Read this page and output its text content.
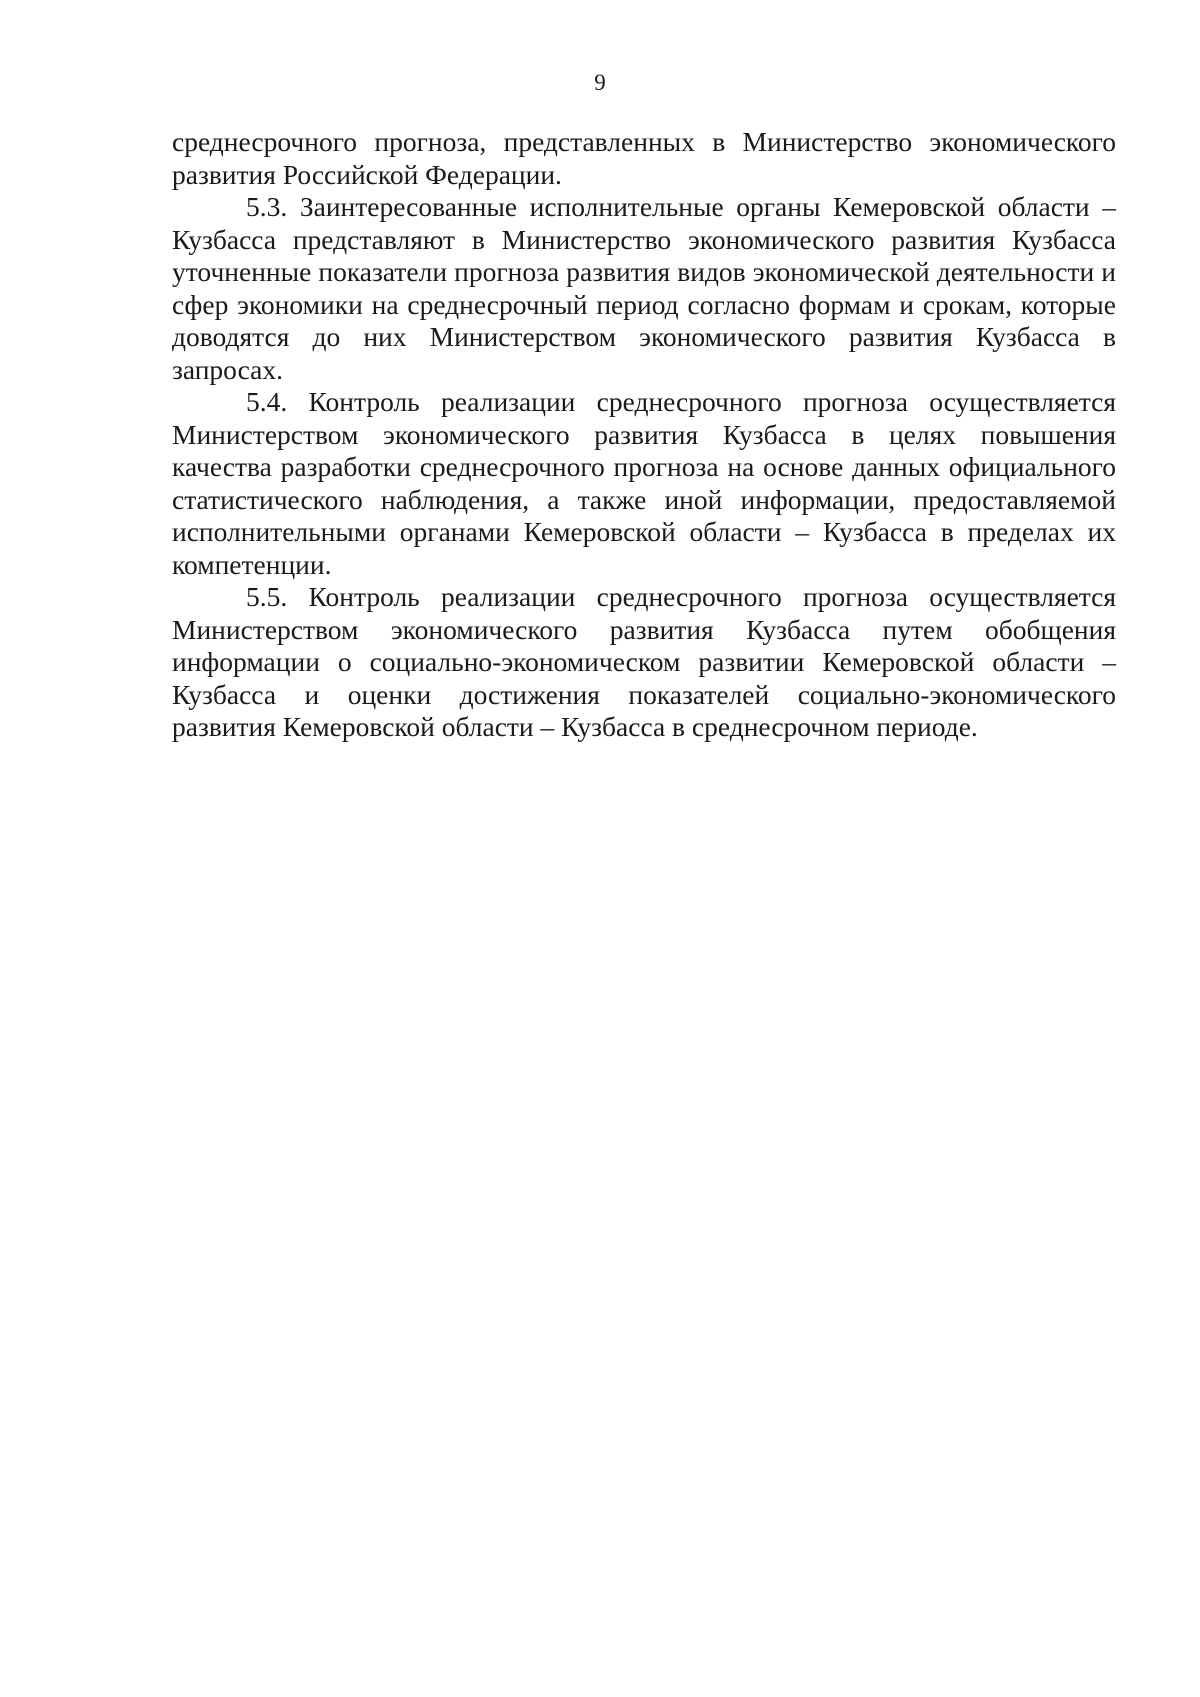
9

среднесрочного прогноза, представленных в Министерство экономического развития Российской Федерации.

5.3. Заинтересованные исполнительные органы Кемеровской области – Кузбасса представляют в Министерство экономического развития Кузбасса уточненные показатели прогноза развития видов экономической деятельности и сфер экономики на среднесрочный период согласно формам и срокам, которые доводятся до них Министерством экономического развития Кузбасса в запросах.

5.4. Контроль реализации среднесрочного прогноза осуществляется Министерством экономического развития Кузбасса в целях повышения качества разработки среднесрочного прогноза на основе данных официального статистического наблюдения, а также иной информации, предоставляемой исполнительными органами Кемеровской области – Кузбасса в пределах их компетенции.

5.5. Контроль реализации среднесрочного прогноза осуществляется Министерством экономического развития Кузбасса путем обобщения информации о социально-экономическом развитии Кемеровской области – Кузбасса и оценки достижения показателей социально-экономического развития Кемеровской области – Кузбасса в среднесрочном периоде.
